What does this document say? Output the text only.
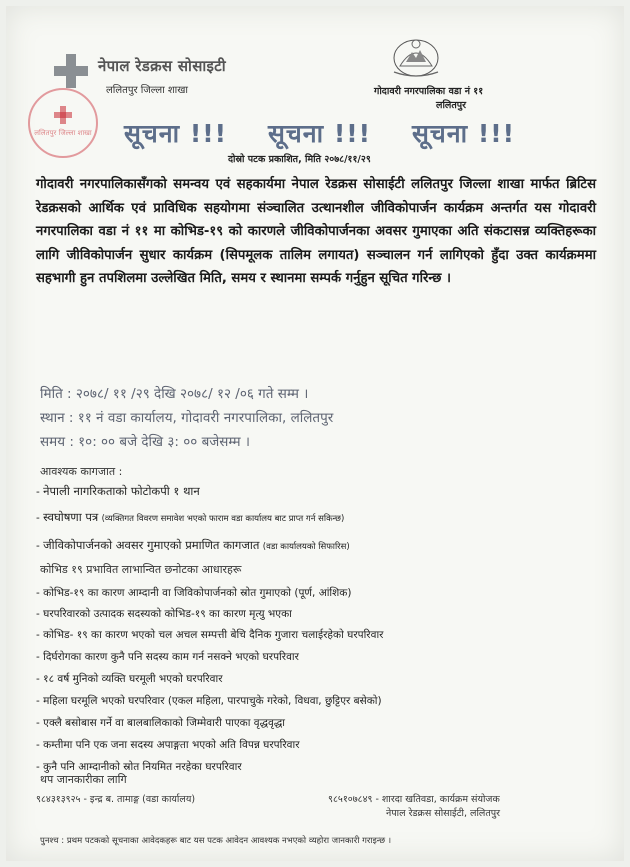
नेपाल रेडक्रस सोसाइटी
ललितपुर जिल्ला शाखा
ललितपुर जिल्ला शाखा
गोदावरी नगरपालिका वडा नं ११
ललितपुर
सूचना !!! सूचना !!! सूचना !!!
दोस्रो पटक प्रकाशित, मिति २०७८/११/२९
गोदावरी नगरपालिकासँगको समन्वय एवं सहकार्यमा नेपाल रेडक्रस सोसाईटी ललितपुर जिल्ला शाखा मार्फत ब्रिटिस रेडक्रसको आर्थिक एवं प्राविधिक सहयोगमा संञ्चालित उत्थानशील जीविकोपार्जन कार्यक्रम अन्तर्गत यस गोदावरी नगरपालिका वडा नं ११ मा कोभिड-१९ को कारणले जीविकोपार्जनका अवसर गुमाएका अति संकटासन्न व्यक्तिहरूका लागि जीविकोपार्जन सुधार कार्यक्रम (सिपमूलक तालिम लगायत) सञ्चालन गर्न लागिएको हुँदा उक्त कार्यक्रममा सहभागी हुन तपशिलमा उल्लेखित मिति, समय र स्थानमा सम्पर्क गर्नुहुन सूचित गरिन्छ ।
मिति : २०७८/ ११ /२९ देखि २०७८/ १२ /०६ गते सम्म ।
स्थान : ११ नं वडा कार्यालय, गोदावरी नगरपालिका, ललितपुर
समय : १०: ०० बजे देखि ३: ०० बजेसम्म ।
आवश्यक कागजात :
- नेपाली नागरिकताको फोटोकपी १ थान
- स्वघोषणा पत्र (व्यक्तिगत विवरण समावेश भएको फाराम वडा कार्यालय बाट प्राप्त गर्न सकिन्छ)
- जीविकोपार्जनको अवसर गुमाएको प्रमाणित कागजात (वडा कार्यालयको सिफारिस)
कोभिड १९ प्रभावित लाभान्वित छनोटका आधारहरू
- कोभिड-१९ का कारण आम्दानी वा जिविकोपार्जनको स्रोत गुमाएको (पूर्ण, आंशिक)
- घरपरिवारको उत्पादक सदस्यको कोभिड-१९ का कारण मृत्यु भएका
- कोभिड- १९ का कारण भएको चल अचल सम्पत्ती बेचि दैनिक गुजारा चलाईरहेको घरपरिवार
- दिर्घरोगका कारण कुनै पनि सदस्य काम गर्न नसक्ने भएको घरपरिवार
- १८ वर्ष मुनिको व्यक्ति घरमूली भएको घरपरिवार
- महिला घरमूलि भएको घरपरिवार (एकल महिला, पारपाचुके गरेको, विधवा, छुट्टिएर बसेको)
- एक्लै बसोबास गर्ने वा बालबालिकाको जिम्मेवारी पाएका वृद्धवृद्धा
- कम्तीमा पनि एक जना सदस्य अपाङ्गता भएको अति विपन्न घरपरिवार
- कुनै पनि आम्दानीको स्रोत नियमित नरहेका घरपरिवार
थप जानकारीका लागि
९८४३१३९२५ - इन्द्र ब. तामाङ्ग (वडा कार्यालय)	९८५१०७८४९ - शारदा खतिवडा, कार्यक्रम संयोजक
नेपाल रेडक्रस सोसाईटी, ललितपुर
पुनश्च : प्रथम पटकको सूचनाका आवेदकहरू बाट यस पटक आवेदन आवश्यक नभएको व्यहोरा जानकारी गराइन्छ ।
